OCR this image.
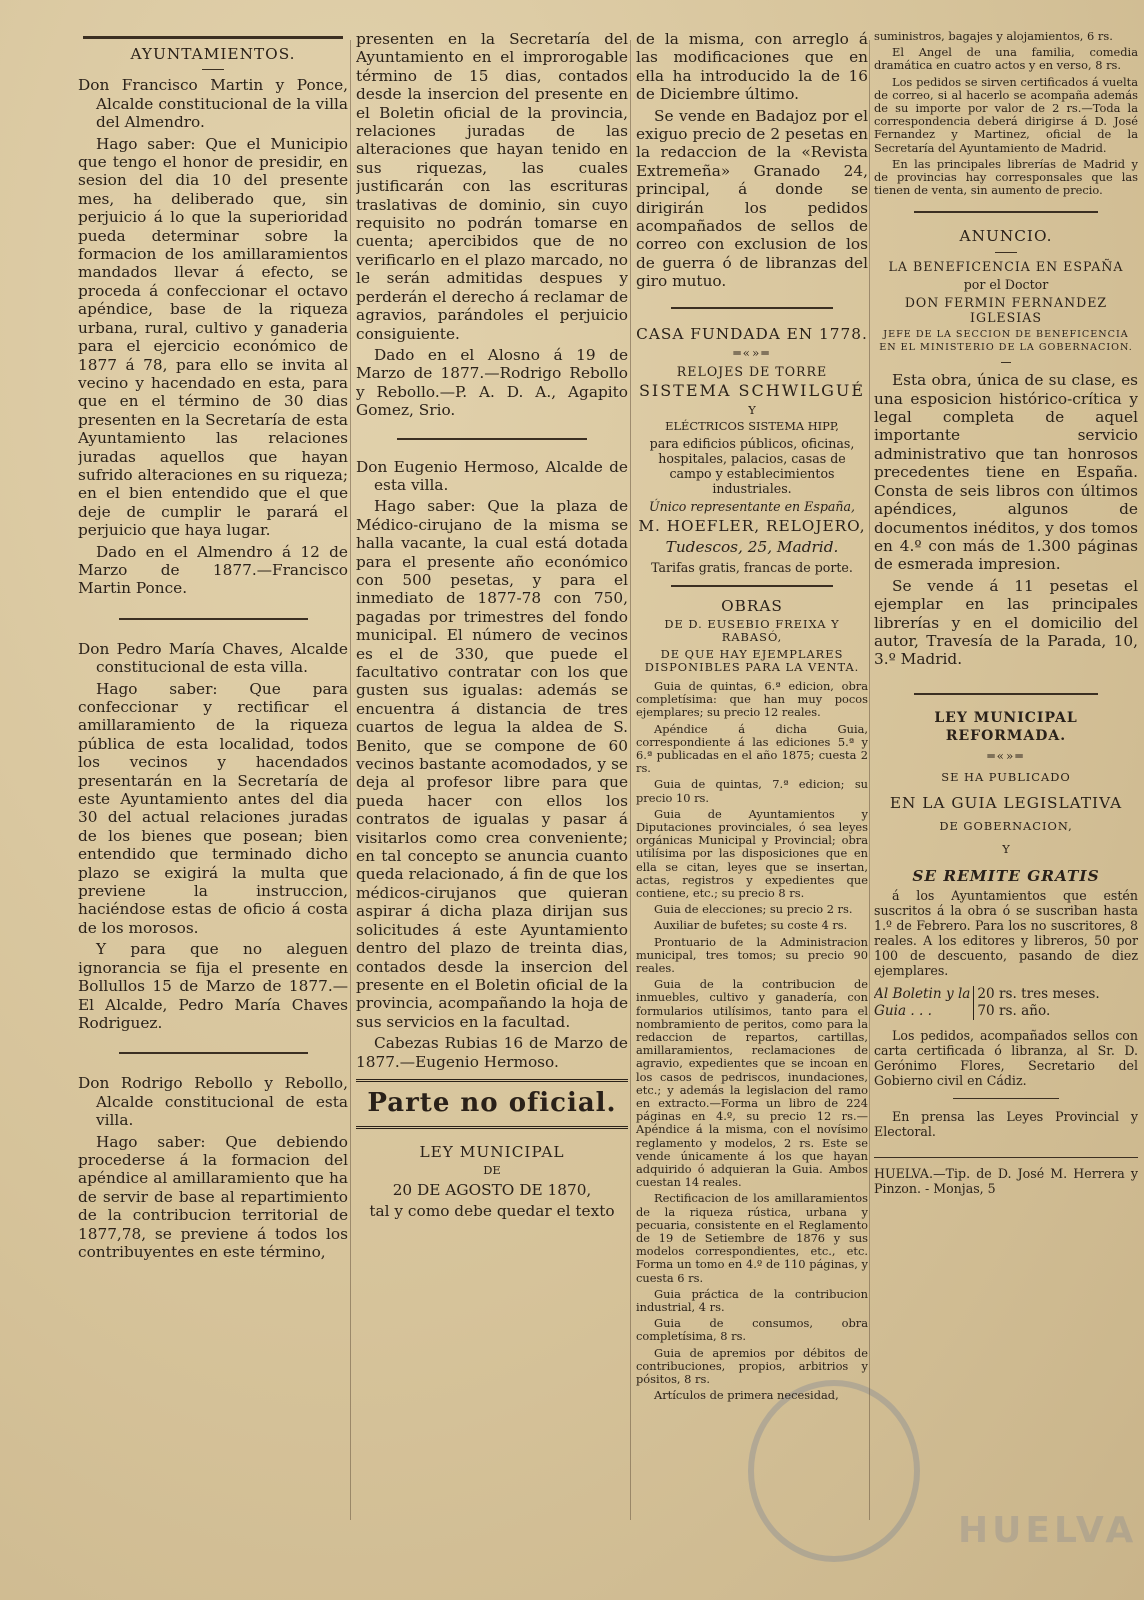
HUELVA

AYUNTAMIENTOS.

Don Francisco Martin y Ponce, Alcalde constitucional de la villa del Almendro.

Hago saber: Que el Municipio que tengo el honor de presidir, en sesion del dia 10 del presente mes, ha deliberado que, sin perjuicio á lo que la superioridad pueda determinar sobre la formacion de los amillaramientos mandados llevar á efecto, se proceda á confeccionar el octavo apéndice, base de la riqueza urbana, rural, cultivo y ganaderia para el ejercicio económico de 1877 á 78, para ello se invita al vecino y hacendado en esta, para que en el término de 30 dias presenten en la Secretaría de esta Ayuntamiento las relaciones juradas aquellos que hayan sufrido alteraciones en su riqueza; en el bien entendido que el que deje de cumplir le parará el perjuicio que haya lugar.

Dado en el Almendro á 12 de Marzo de 1877.—Francisco Martin Ponce.

Don Pedro María Chaves, Alcalde constitucional de esta villa.

Hago saber: Que para confeccionar y rectificar el amillaramiento de la riqueza pública de esta localidad, todos los vecinos y hacendados presentarán en la Secretaría de este Ayuntamiento antes del dia 30 del actual relaciones juradas de los bienes que posean; bien entendido que terminado dicho plazo se exigirá la multa que previene la instruccion, haciéndose estas de oficio á costa de los morosos.

Y para que no aleguen ignorancia se fija el presente en Bollullos 15 de Marzo de 1877.—El Alcalde, Pedro María Chaves Rodriguez.

Don Rodrigo Rebollo y Rebollo, Alcalde constitucional de esta villa.

Hago saber: Que debiendo procederse á la formacion del apéndice al amillaramiento que ha de servir de base al repartimiento de la contribucion territorial de 1877,78, se previene á todos los contribuyentes en este término,

presenten en la Secretaría del Ayuntamiento en el improrogable término de 15 dias, contados desde la insercion del presente en el Boletin oficial de la provincia, relaciones juradas de las alteraciones que hayan tenido en sus riquezas, las cuales justificarán con las escrituras traslativas de dominio, sin cuyo requisito no podrán tomarse en cuenta; apercibidos que de no verificarlo en el plazo marcado, no le serán admitidas despues y perderán el derecho á reclamar de agravios, parándoles el perjuicio consiguiente.

Dado en el Alosno á 19 de Marzo de 1877.—Rodrigo Rebollo y Rebollo.—P. A. D. A., Agapito Gomez, Srio.

Don Eugenio Hermoso, Alcalde de esta villa.

Hago saber: Que la plaza de Médico-cirujano de la misma se halla vacante, la cual está dotada para el presente año económico con 500 pesetas, y para el inmediato de 1877-78 con 750, pagadas por trimestres del fondo municipal. El número de vecinos es el de 330, que puede el facultativo contratar con los que gusten sus igualas: además se encuentra á distancia de tres cuartos de legua la aldea de S. Benito, que se compone de 60 vecinos bastante acomodados, y se deja al profesor libre para que pueda hacer con ellos los contratos de igualas y pasar á visitarlos como crea conveniente; en tal concepto se anuncia cuanto queda relacionado, á fin de que los médicos-cirujanos que quieran aspirar á dicha plaza dirijan sus solicitudes á este Ayuntamiento dentro del plazo de treinta dias, contados desde la insercion del presente en el Boletin oficial de la provincia, acompañando la hoja de sus servicios en la facultad.

Cabezas Rubias 16 de Marzo de 1877.—Eugenio Hermoso.

Parte no oficial.

LEY MUNICIPAL

DE

20 DE AGOSTO DE 1870,

tal y como debe quedar el texto

de la misma, con arreglo á las modificaciones que en ella ha introducido la de 16 de Diciembre último.

Se vende en Badajoz por el exiguo precio de 2 pesetas en la redaccion de la «Revista Extremeña» Granado 24, principal, á donde se dirigirán los pedidos acompañados de sellos de correo con exclusion de los de guerra ó de libranzas del giro mutuo.

CASA FUNDADA EN 1778.

═«»═

RELOJES DE TORRE

SISTEMA SCHWILGUÉ

Y

ELÉCTRICOS SISTEMA HIPP,

para edificios públicos, oficinas, hospitales, palacios, casas de campo y establecimientos industriales.

Único representante en España,

M. HOEFLER, RELOJERO,

Tudescos, 25, Madrid.

Tarifas gratis, francas de porte.

OBRAS

DE D. EUSEBIO FREIXA Y RABASÓ,

DE QUE HAY EJEMPLARES DISPONIBLES PARA LA VENTA.

Guia de quintas, 6.ª edicion, obra completísima: que han muy pocos ejemplares; su precio 12 reales.

Apéndice á dicha Guia, correspondiente á las ediciones 5.ª y 6.ª publicadas en el año 1875; cuesta 2 rs.

Guia de quintas, 7.ª edicion; su precio 10 rs.

Guia de Ayuntamientos y Diputaciones provinciales, ó sea leyes orgánicas Municipal y Provincial; obra utilísima por las disposiciones que en ella se citan, leyes que se insertan, actas, registros y expedientes que contiene, etc.; su precio 8 rs.

Guia de elecciones; su precio 2 rs.

Auxiliar de bufetes; su coste 4 rs.

Prontuario de la Administracion municipal, tres tomos; su precio 90 reales.

Guia de la contribucion de inmuebles, cultivo y ganadería, con formularios utilísimos, tanto para el nombramiento de peritos, como para la redaccion de repartos, cartillas, amillaramientos, reclamaciones de agravio, expedientes que se incoan en los casos de pedriscos, inundaciones, etc.; y además la legislacion del ramo en extracto.—Forma un libro de 224 páginas en 4.º, su precio 12 rs.—Apéndice á la misma, con el novísimo reglamento y modelos, 2 rs. Este se vende únicamente á los que hayan adquirido ó adquieran la Guia. Ambos cuestan 14 reales.

Rectificacion de los amillaramientos de la riqueza rústica, urbana y pecuaria, consistente en el Reglamento de 19 de Setiembre de 1876 y sus modelos correspondientes, etc., etc. Forma un tomo en 4.º de 110 páginas, y cuesta 6 rs.

Guia práctica de la contribucion industrial, 4 rs.

Guia de consumos, obra completísima, 8 rs.

Guia de apremios por débitos de contribuciones, propios, arbitrios y pósitos, 8 rs.

Artículos de primera necesidad,

suministros, bagajes y alojamientos, 6 rs.

El Angel de una familia, comedia dramática en cuatro actos y en verso, 8 rs.

Los pedidos se sirven certificados á vuelta de correo, si al hacerlo se acompaña además de su importe por valor de 2 rs.—Toda la correspondencia deberá dirigirse á D. José Fernandez y Martinez, oficial de la Secretaría del Ayuntamiento de Madrid.

En las principales librerías de Madrid y de provincias hay corresponsales que las tienen de venta, sin aumento de precio.

ANUNCIO.

LA BENEFICENCIA EN ESPAÑA

por el Doctor

DON FERMIN FERNANDEZ IGLESIAS

JEFE DE LA SECCION DE BENEFICENCIA EN EL MINISTERIO DE LA GOBERNACION.

Esta obra, única de su clase, es una esposicion histórico-crítica y legal completa de aquel importante servicio administrativo que tan honrosos precedentes tiene en España. Consta de seis libros con últimos apéndices, algunos de documentos inéditos, y dos tomos en 4.º con más de 1.300 páginas de esmerada impresion.

Se vende á 11 pesetas el ejemplar en las principales librerías y en el domicilio del autor, Travesía de la Parada, 10, 3.º Madrid.

LEY MUNICIPAL REFORMADA.

═«»═

SE HA PUBLICADO

EN LA GUIA LEGISLATIVA

DE GOBERNACION,

Y

SE REMITE GRATIS

á los Ayuntamientos que estén suscritos á la obra ó se suscriban hasta 1.º de Febrero. Para los no suscritores, 8 reales. A los editores y libreros, 50 por 100 de descuento, pasando de diez ejemplares.

Al Boletin y la
Guia . . .
20 rs. tres meses.
70 rs. año.

Los pedidos, acompañados sellos con carta certificada ó libranza, al Sr. D. Gerónimo Flores, Secretario del Gobierno civil en Cádiz.

En prensa las Leyes Provincial y Electoral.

HUELVA.—Tip. de D. José M. Herrera y Pinzon. - Monjas, 5
